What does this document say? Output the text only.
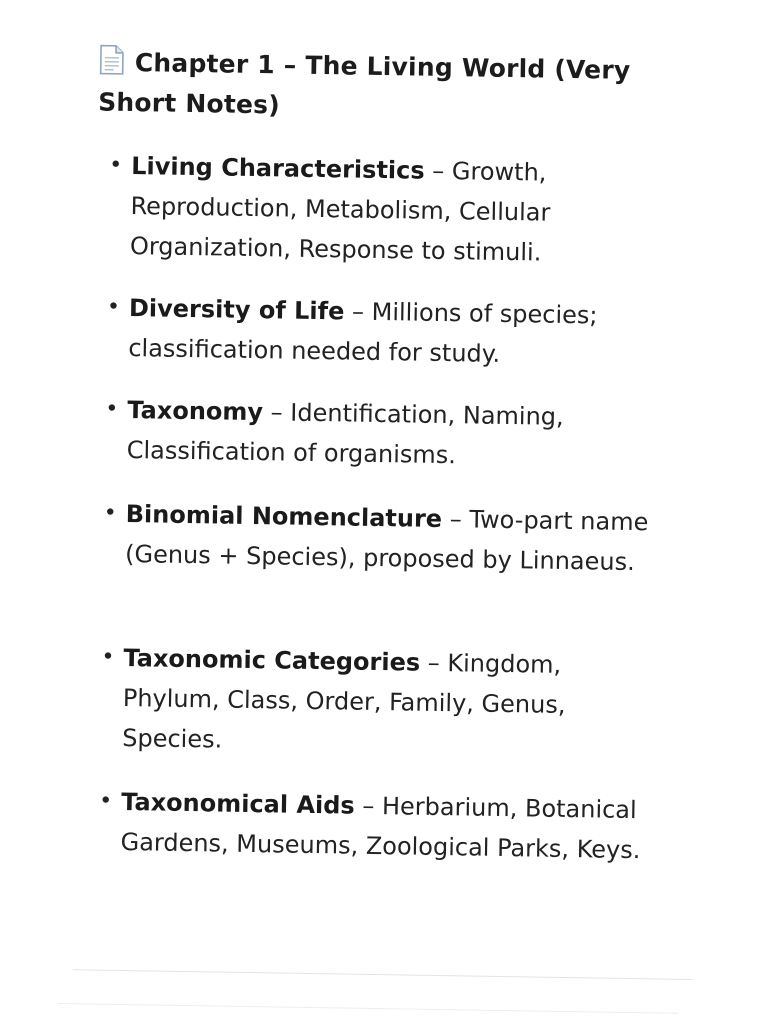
Chapter 1 – The Living World (Very Short Notes)
• Living Characteristics – Growth, Reproduction, Metabolism, Cellular Organization, Response to stimuli.
• Diversity of Life – Millions of species; classification needed for study.
• Taxonomy – Identification, Naming, Classification of organisms.
• Binomial Nomenclature – Two-part name (Genus + Species), proposed by Linnaeus.
• Taxonomic Categories – Kingdom, Phylum, Class, Order, Family, Genus, Species.
• Taxonomical Aids – Herbarium, Botanical Gardens, Museums, Zoological Parks, Keys.
